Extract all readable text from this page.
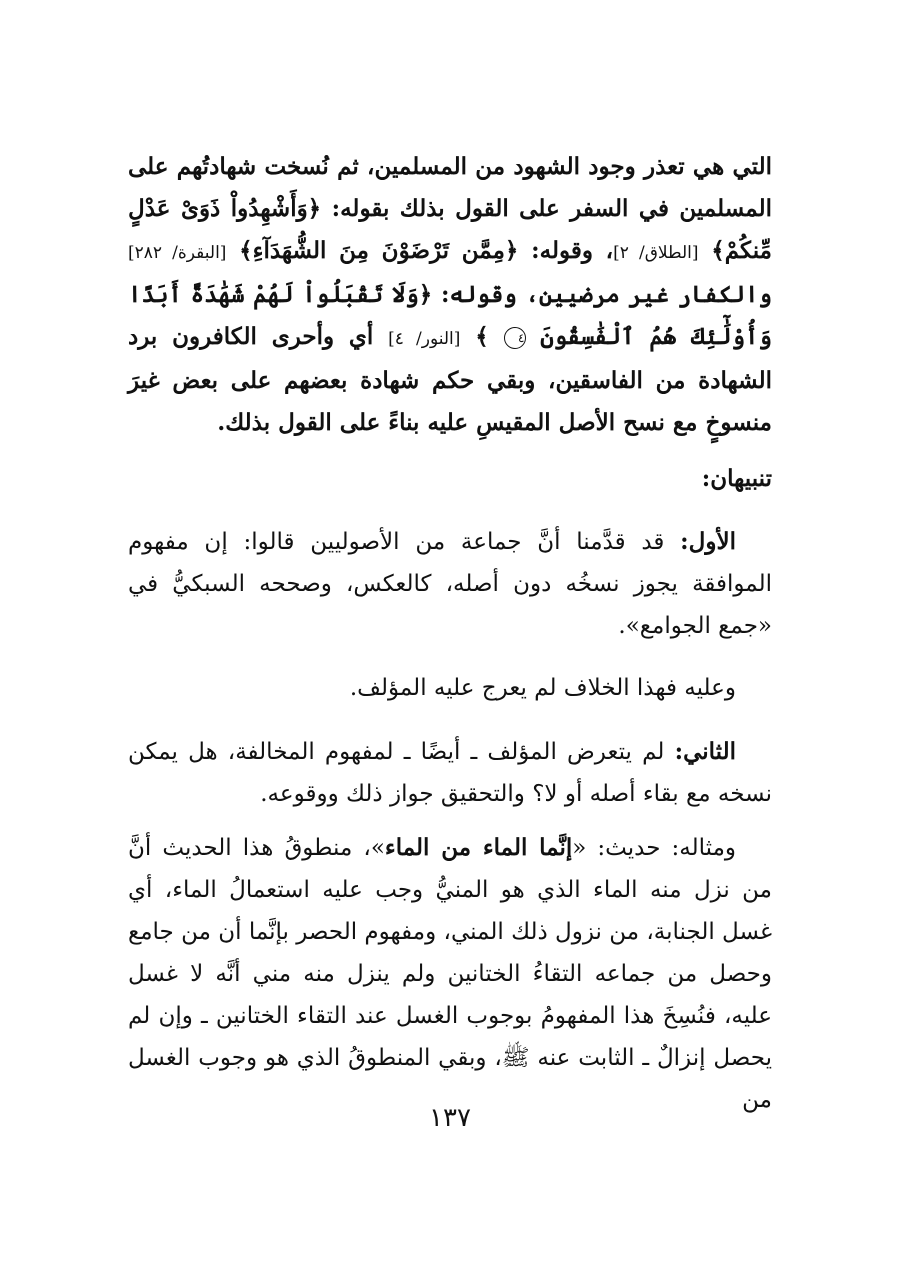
التي هي تعذر وجود الشهود من المسلمين، ثم نُسخت شهادتُهم على المسلمين في السفر على القول بذلك بقوله: ﴿وَأَشْهِدُواْ ذَوَىْ عَدْلٍ مِّنكُمْ﴾ [الطلاق/ ٢]، وقوله: ﴿مِمَّن تَرْضَوْنَ مِنَ الشُّهَدَآءِ﴾ [البقرة/ ٢٨٢] والكفار غير مرضيين، وقوله: ﴿وَلَا تَقْبَلُواْ لَهُمْ شَهَٰدَةً أَبَدًا وَأُوْلَٰٓئِكَ هُمُ ٱلْفَٰسِقُونَ ٤ ﴾ [النور/ ٤] أي وأحرى الكافرون برد الشهادة من الفاسقين، وبقي حكم شهادة بعضهم على بعض غيرَ منسوخٍ مع نسح الأصل المقيسِ عليه بناءً على القول بذلك.

تنبيهان:

الأول: قد قدَّمنا أنَّ جماعة من الأصوليين قالوا: إن مفهوم الموافقة يجوز نسخُه دون أصله، كالعكس، وصححه السبكيُّ في «جمع الجوامع».

وعليه فهذا الخلاف لم يعرج عليه المؤلف.

الثاني: لم يتعرض المؤلف ـ أيضًا ـ لمفهوم المخالفة، هل يمكن نسخه مع بقاء أصله أو لا؟ والتحقيق جواز ذلك ووقوعه.

ومثاله: حديث: «إنَّما الماء من الماء»، منطوقُ هذا الحديث أنَّ من نزل منه الماء الذي هو المنيُّ وجب عليه استعمالُ الماء، أي غسل الجنابة، من نزول ذلك المني، ومفهوم الحصر بإنَّما أن من جامع وحصل من جماعه التقاءُ الختانين ولم ينزل منه مني أنَّه لا غسل عليه، فنُسِخَ هذا المفهومُ بوجوب الغسل عند التقاء الختانين ـ وإن لم يحصل إنزالٌ ـ الثابت عنه ﷺ، وبقي المنطوقُ الذي هو وجوب الغسل من

١٣٧
